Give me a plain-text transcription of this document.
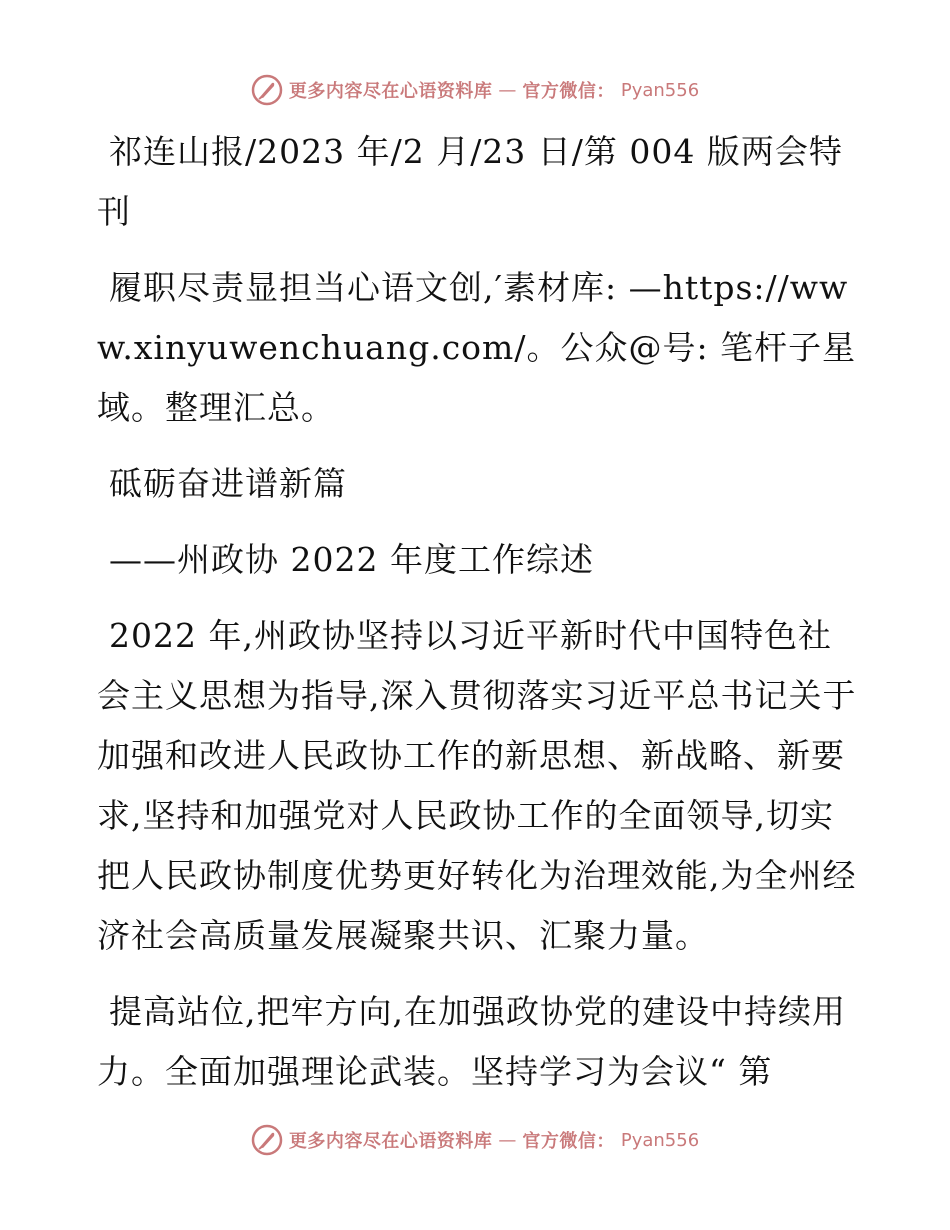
更多内容尽在心语资料库 — 官方微信： Pyan556

祁连山报/2023 年/2 月/23 日/第 004 版两会特刊

履职尽责显担当心语文创,′素材库: —https://www.xinyuwenchuang.com/。公众@号: 笔杆子星域。整理汇总。

砥砺奋进谱新篇

——州政协 2022 年度工作综述

2022 年,州政协坚持以习近平新时代中国特色社会主义思想为指导,深入贯彻落实习近平总书记关于加强和改进人民政协工作的新思想、新战略、新要求,坚持和加强党对人民政协工作的全面领导,切实把人民政协制度优势更好转化为治理效能,为全州经济社会高质量发展凝聚共识、汇聚力量。

提高站位,把牢方向,在加强政协党的建设中持续用力。全面加强理论武装。坚持学习为会议“ 第

更多内容尽在心语资料库 — 官方微信： Pyan556
